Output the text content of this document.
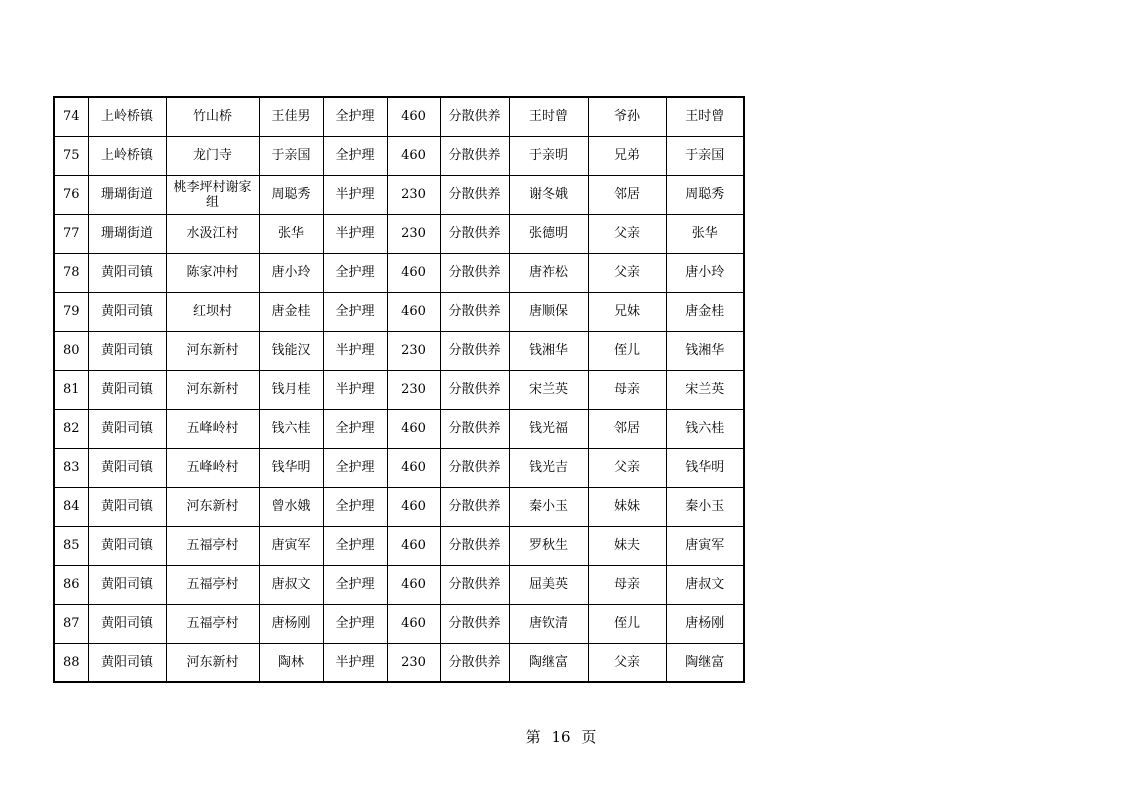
74	上岭桥镇	竹山桥	王佳男	全护理	460	分散供养	王时曾	爷孙	王时曾
75	上岭桥镇	龙门寺	于亲国	全护理	460	分散供养	于亲明	兄弟	于亲国
76	珊瑚街道	桃李坪村谢家组	周聪秀	半护理	230	分散供养	谢冬娥	邻居	周聪秀
77	珊瑚街道	水汲江村	张华	半护理	230	分散供养	张德明	父亲	张华
78	黄阳司镇	陈家冲村	唐小玲	全护理	460	分散供养	唐祚松	父亲	唐小玲
79	黄阳司镇	红坝村	唐金桂	全护理	460	分散供养	唐顺保	兄妹	唐金桂
80	黄阳司镇	河东新村	钱能汉	半护理	230	分散供养	钱湘华	侄儿	钱湘华
81	黄阳司镇	河东新村	钱月桂	半护理	230	分散供养	宋兰英	母亲	宋兰英
82	黄阳司镇	五峰岭村	钱六桂	全护理	460	分散供养	钱光福	邻居	钱六桂
83	黄阳司镇	五峰岭村	钱华明	全护理	460	分散供养	钱光吉	父亲	钱华明
84	黄阳司镇	河东新村	曾水娥	全护理	460	分散供养	秦小玉	妹妹	秦小玉
85	黄阳司镇	五福亭村	唐寅军	全护理	460	分散供养	罗秋生	妹夫	唐寅军
86	黄阳司镇	五福亭村	唐叔文	全护理	460	分散供养	屈美英	母亲	唐叔文
87	黄阳司镇	五福亭村	唐杨刚	全护理	460	分散供养	唐钦清	侄儿	唐杨刚
88	黄阳司镇	河东新村	陶林	半护理	230	分散供养	陶继富	父亲	陶继富
第 16 页
